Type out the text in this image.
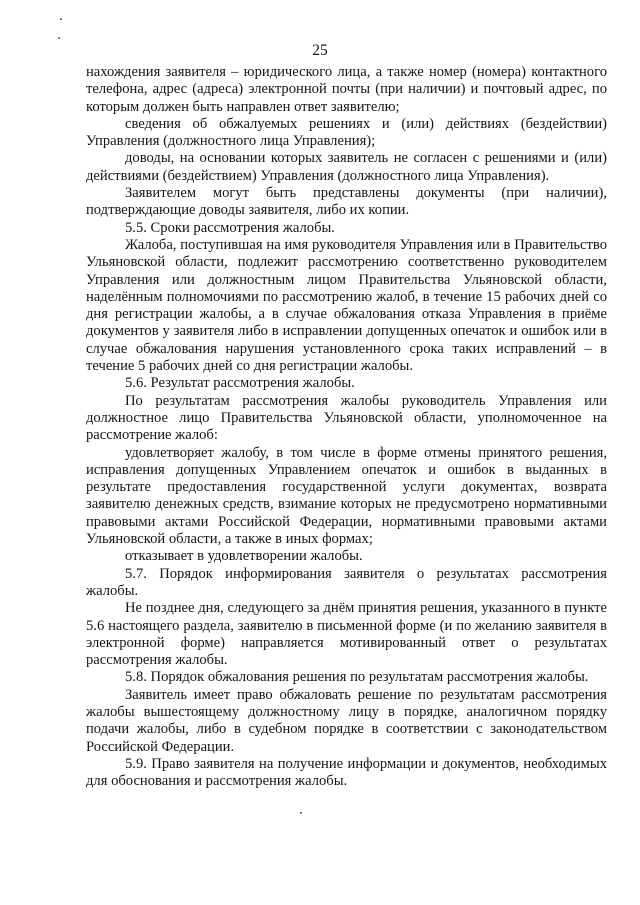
25

нахождения заявителя – юридического лица, а также номер (номера) контактного телефона, адрес (адреса) электронной почты (при наличии) и почтовый адрес, по которым должен быть направлен ответ заявителю;

сведения об обжалуемых решениях и (или) действиях (бездействии) Управления (должностного лица Управления);

доводы, на основании которых заявитель не согласен с решениями и (или) действиями (бездействием) Управления (должностного лица Управления).

Заявителем могут быть представлены документы (при наличии), подтверждающие доводы заявителя, либо их копии.

5.5. Сроки рассмотрения жалобы.

Жалоба, поступившая на имя руководителя Управления или в Правительство Ульяновской области, подлежит рассмотрению соответственно руководителем Управления или должностным лицом Правительства Ульяновской области, наделённым полномочиями по рассмотрению жалоб, в течение 15 рабочих дней со дня регистрации жалобы, а в случае обжалования отказа Управления в приёме документов у заявителя либо в исправлении допущенных опечаток и ошибок или в случае обжалования нарушения установленного срока таких исправлений – в течение 5 рабочих дней со дня регистрации жалобы.

5.6. Результат рассмотрения жалобы.

По результатам рассмотрения жалобы руководитель Управления или должностное лицо Правительства Ульяновской области, уполномоченное на рассмотрение жалоб:

удовлетворяет жалобу, в том числе в форме отмены принятого решения, исправления допущенных Управлением опечаток и ошибок в выданных в результате предоставления государственной услуги документах, возврата заявителю денежных средств, взимание которых не предусмотрено нормативными правовыми актами Российской Федерации, нормативными правовыми актами Ульяновской области, а также в иных формах;

отказывает в удовлетворении жалобы.

5.7. Порядок информирования заявителя о результатах рассмотрения жалобы.

Не позднее дня, следующего за днём принятия решения, указанного в пункте 5.6 настоящего раздела, заявителю в письменной форме (и по желанию заявителя в электронной форме) направляется мотивированный ответ о результатах рассмотрения жалобы.

5.8. Порядок обжалования решения по результатам рассмотрения жалобы.

Заявитель имеет право обжаловать решение по результатам рассмотрения жалобы вышестоящему должностному лицу в порядке, аналогичном порядку подачи жалобы, либо в судебном порядке в соответствии с законодательством Российской Федерации.

5.9. Право заявителя на получение информации и документов, необходимых для обоснования и рассмотрения жалобы.
